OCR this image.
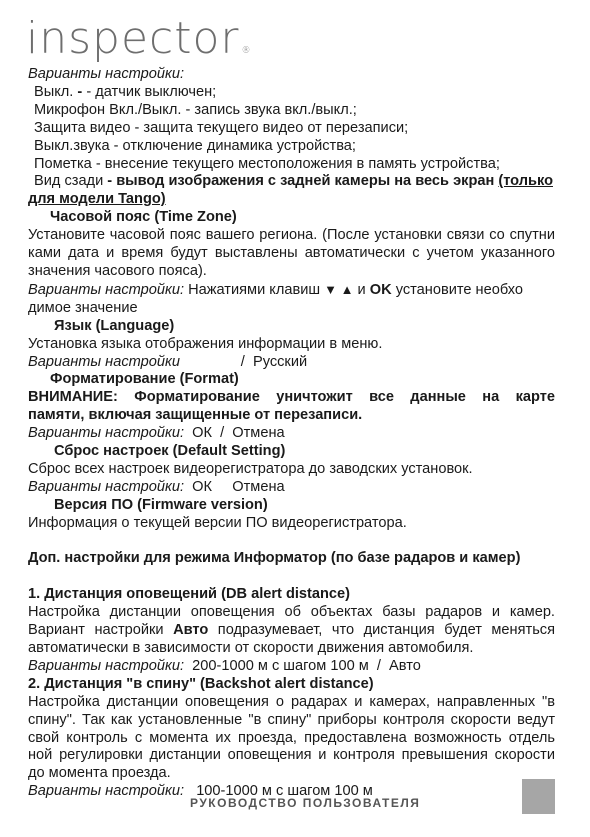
inspector ®
Варианты настройки:
Выкл. - - датчик выключен;
Микрофон Вкл./Выкл. - запись звука вкл./выкл.;
Защита видео - защита текущего видео от перезаписи;
Выкл.звука - отключение динамика устройства;
Пометка - внесение текущего местоположения в память устройства;
Вид сзади - вывод изображения с задней камеры на весь экран (только
для модели Tango)
Часовой пояс (Time Zone)
Установите часовой пояс вашего региона. (После установки связи со спутни
ками дата и время будут выставлены автоматически с учетом указанного
значения часового пояса).
Варианты настройки: Нажатиями клавиш ▼ ▲ и OK установите необхо
димое значение
Язык (Language)
Установка языка отображения информации в меню.
Варианты настройки               /  Русский
Форматирование (Format)
ВНИМАНИЕ: Форматирование уничтожит все данные на карте
памяти, включая защищенные от перезаписи.
Варианты настройки:  ОК  /  Отмена
Сброс настроек (Default Setting)
Сброс всех настроек видеорегистратора до заводских установок.
Варианты настройки:  ОК     Отмена
Версия ПО (Firmware version)
Информация о текущей версии ПО видеорегистратора.
Доп. настройки для режима Информатор (по базе радаров и камер)
1. Дистанция оповещений (DB alert distance)
Настройка дистанции оповещения об объектах базы радаров и камер.
Вариант настройки Авто подразумевает, что дистанция будет меняться
автоматически в зависимости от скорости движения автомобиля.
Варианты настройки:  200-1000 м с шагом 100 м  /  Авто
2. Дистанция "в спину" (Backshot alert distance)
Настройка дистанции оповещения о радарах и камерах, направленных "в
спину". Так как установленные "в спину" приборы контроля скорости ведут
свой контроль с момента их проезда, предоставлена возможность отдель
ной регулировки дистанции оповещения и контроля превышения скорости
до момента проезда.
Варианты настройки:   100-1000 м с шагом 100 м
РУКОВОДСТВО ПОЛЬЗОВАТЕЛЯ
